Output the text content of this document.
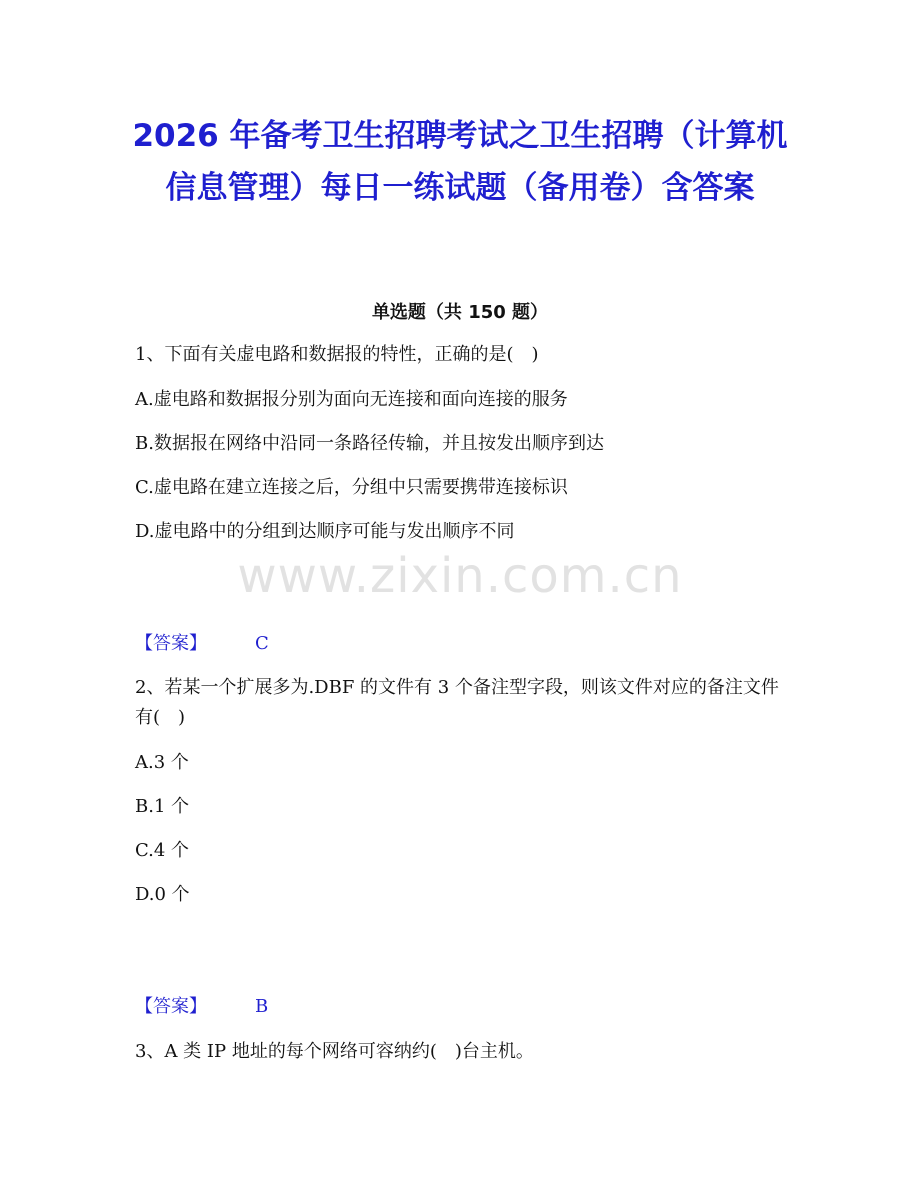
2026 年备考卫生招聘考试之卫生招聘（计算机信息管理）每日一练试题（备用卷）含答案
单选题（共 150 题）
1、下面有关虚电路和数据报的特性，正确的是(　)
A.虚电路和数据报分别为面向无连接和面向连接的服务
B.数据报在网络中沿同一条路径传输，并且按发出顺序到达
C.虚电路在建立连接之后，分组中只需要携带连接标识
D.虚电路中的分组到达顺序可能与发出顺序不同
www.zixin.com.cn
【答案】	C
2、若某一个扩展多为.DBF 的文件有 3 个备注型字段，则该文件对应的备注文件有(　)
A.3 个
B.1 个
C.4 个
D.0 个
【答案】	B
3、A 类 IP 地址的每个网络可容纳约(　)台主机。
